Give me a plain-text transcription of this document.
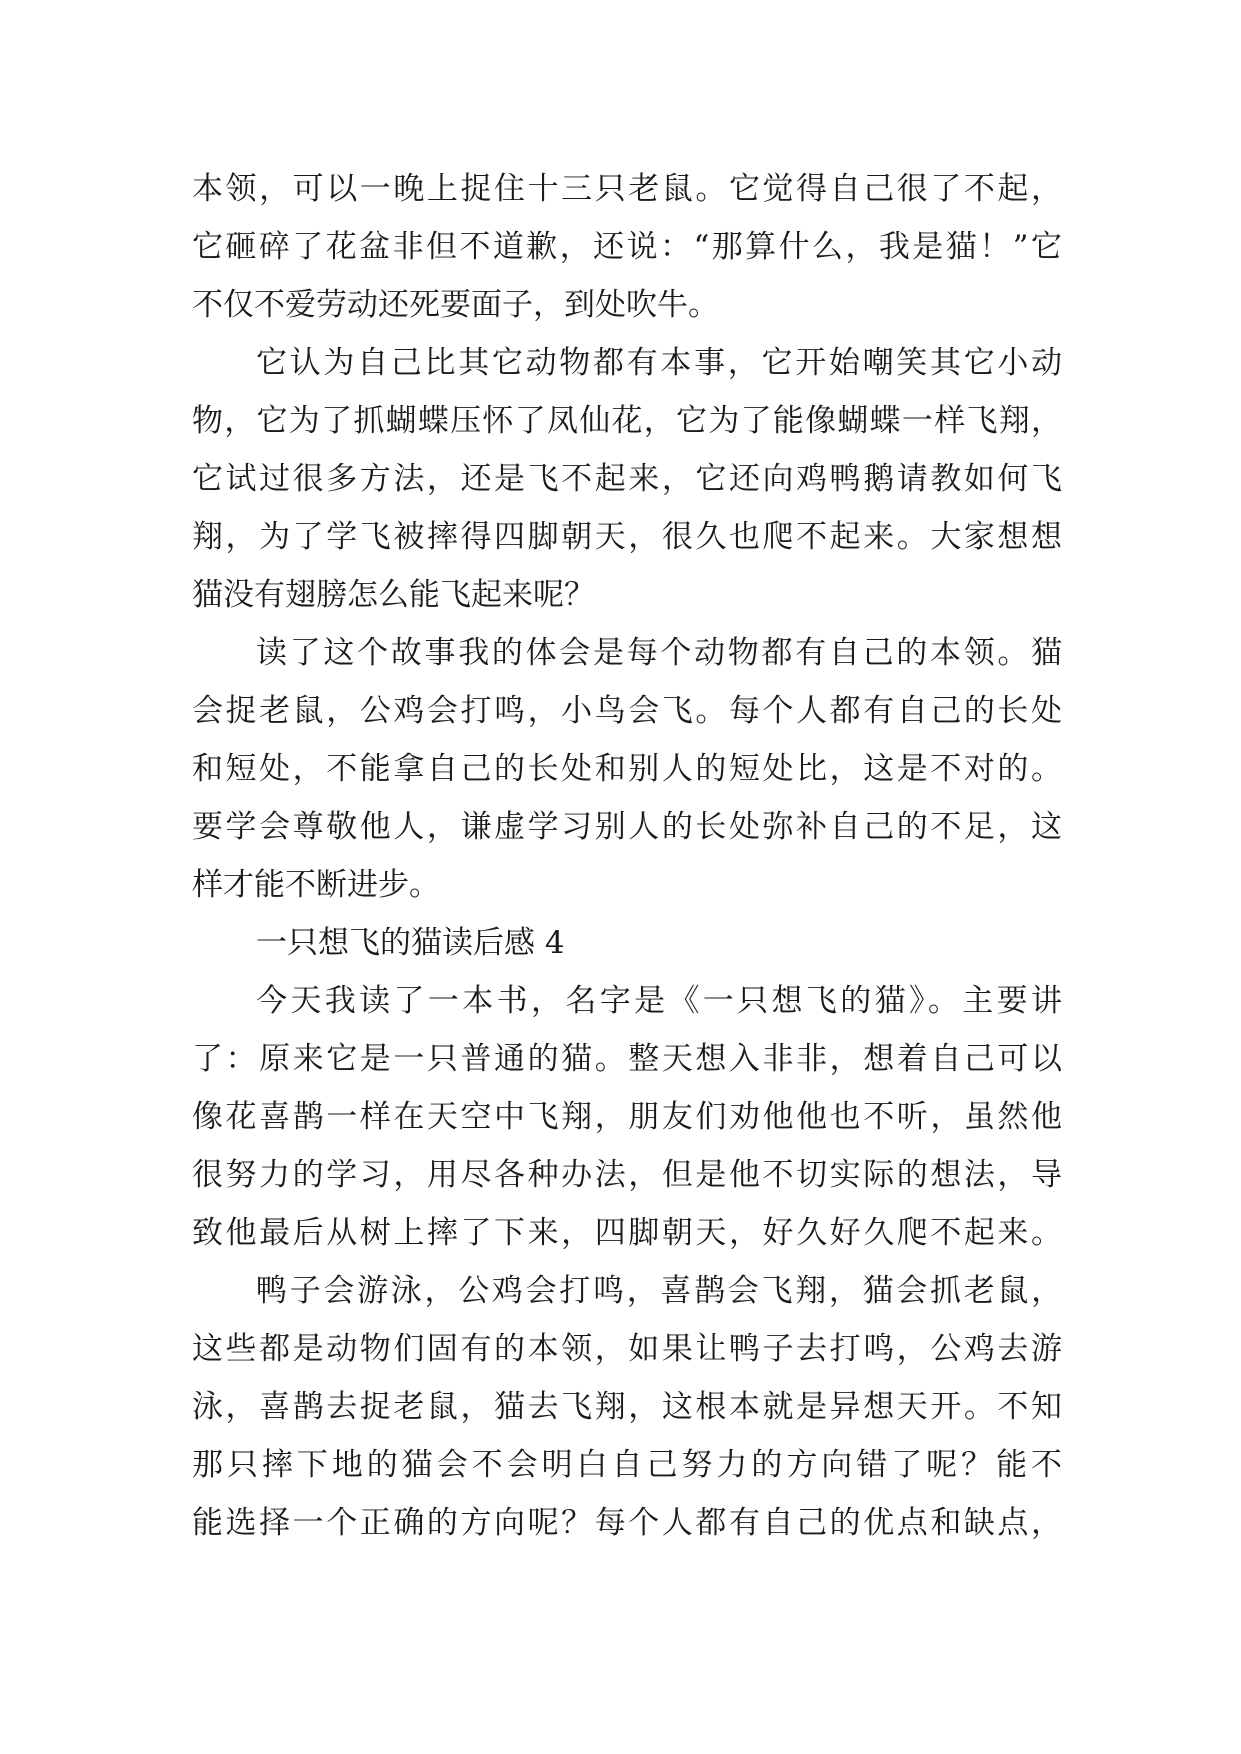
本领，可以一晚上捉住十三只老鼠。它觉得自己很了不起，
它砸碎了花盆非但不道歉，还说：“那算什么，我是猫！”它
不仅不爱劳动还死要面子，到处吹牛。
它认为自己比其它动物都有本事，它开始嘲笑其它小动
物，它为了抓蝴蝶压怀了凤仙花，它为了能像蝴蝶一样飞翔，
它试过很多方法，还是飞不起来，它还向鸡鸭鹅请教如何飞
翔，为了学飞被摔得四脚朝天，很久也爬不起来。大家想想
猫没有翅膀怎么能飞起来呢？
读了这个故事我的体会是每个动物都有自己的本领。猫
会捉老鼠，公鸡会打鸣，小鸟会飞。每个人都有自己的长处
和短处，不能拿自己的长处和别人的短处比，这是不对的。
要学会尊敬他人，谦虚学习别人的长处弥补自己的不足，这
样才能不断进步。
一只想飞的猫读后感 4
今天我读了一本书，名字是《一只想飞的猫》。主要讲
了：原来它是一只普通的猫。整天想入非非，想着自己可以
像花喜鹊一样在天空中飞翔，朋友们劝他他也不听，虽然他
很努力的学习，用尽各种办法，但是他不切实际的想法，导
致他最后从树上摔了下来，四脚朝天，好久好久爬不起来。
鸭子会游泳，公鸡会打鸣，喜鹊会飞翔，猫会抓老鼠，
这些都是动物们固有的本领，如果让鸭子去打鸣，公鸡去游
泳，喜鹊去捉老鼠，猫去飞翔，这根本就是异想天开。不知
那只摔下地的猫会不会明白自己努力的方向错了呢？能不
能选择一个正确的方向呢？每个人都有自己的优点和缺点，
